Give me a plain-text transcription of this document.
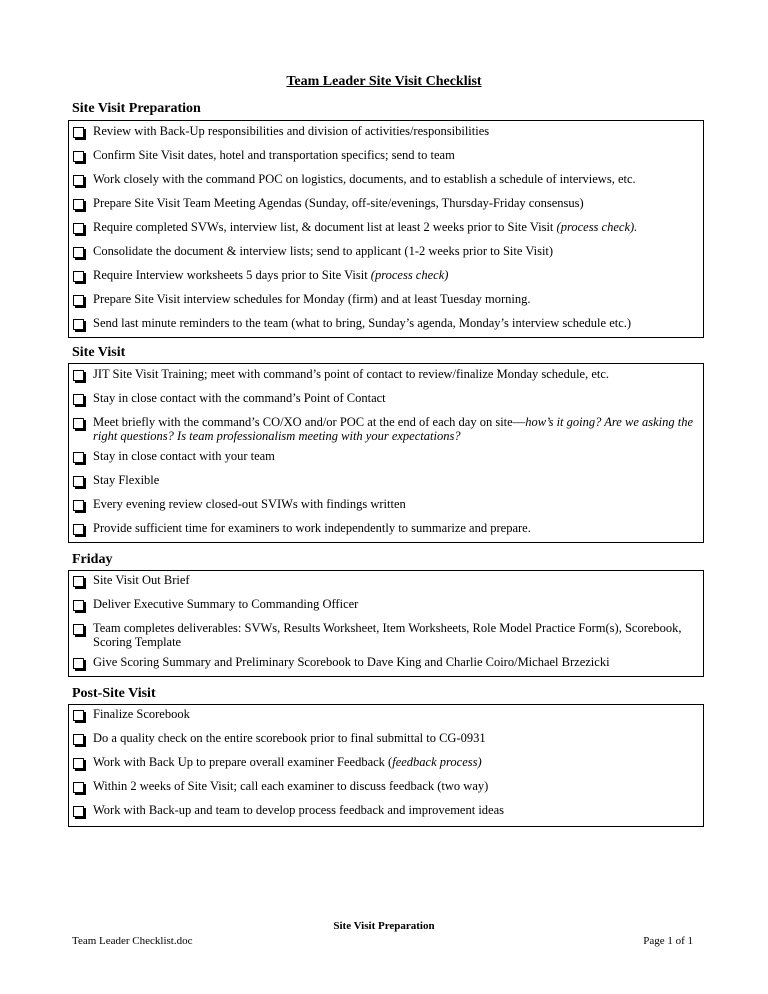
Team Leader Site Visit Checklist
Site Visit Preparation
Review with Back-Up responsibilities and division of activities/responsibilities
Confirm Site Visit dates, hotel and transportation specifics; send to team
Work closely with the command POC on logistics, documents, and to establish a schedule of interviews, etc.
Prepare Site Visit Team Meeting Agendas (Sunday, off-site/evenings, Thursday-Friday consensus)
Require completed SVWs, interview list, & document list at least 2 weeks prior to Site Visit (process check).
Consolidate the document & interview lists; send to applicant (1-2 weeks prior to Site Visit)
Require Interview worksheets 5 days prior to Site Visit (process check)
Prepare Site Visit interview schedules for Monday (firm) and at least Tuesday morning.
Send last minute reminders to the team (what to bring, Sunday’s agenda, Monday’s interview schedule etc.)
Site Visit
JIT Site Visit Training; meet with command’s point of contact to review/finalize Monday schedule, etc.
Stay in close contact with the command’s Point of Contact
Meet briefly with the command’s CO/XO and/or POC at the end of each day on site—how’s it going? Are we asking the right questions? Is team professionalism meeting with your expectations?
Stay in close contact with your team
Stay Flexible
Every evening review closed-out SVIWs with findings written
Provide sufficient time for examiners to work independently to summarize and prepare.
Friday
Site Visit Out Brief
Deliver Executive Summary to Commanding Officer
Team completes deliverables: SVWs, Results Worksheet, Item Worksheets, Role Model Practice Form(s), Scorebook, Scoring Template
Give Scoring Summary and Preliminary Scorebook to Dave King and Charlie Coiro/Michael Brzezicki
Post-Site Visit
Finalize Scorebook
Do a quality check on the entire scorebook prior to final submittal to CG-0931
Work with Back Up to prepare overall examiner Feedback (feedback process)
Within 2 weeks of Site Visit; call each examiner to discuss feedback (two way)
Work with Back-up and team to develop process feedback and improvement ideas
Site Visit Preparation
Team Leader Checklist.doc	Page 1 of 1
